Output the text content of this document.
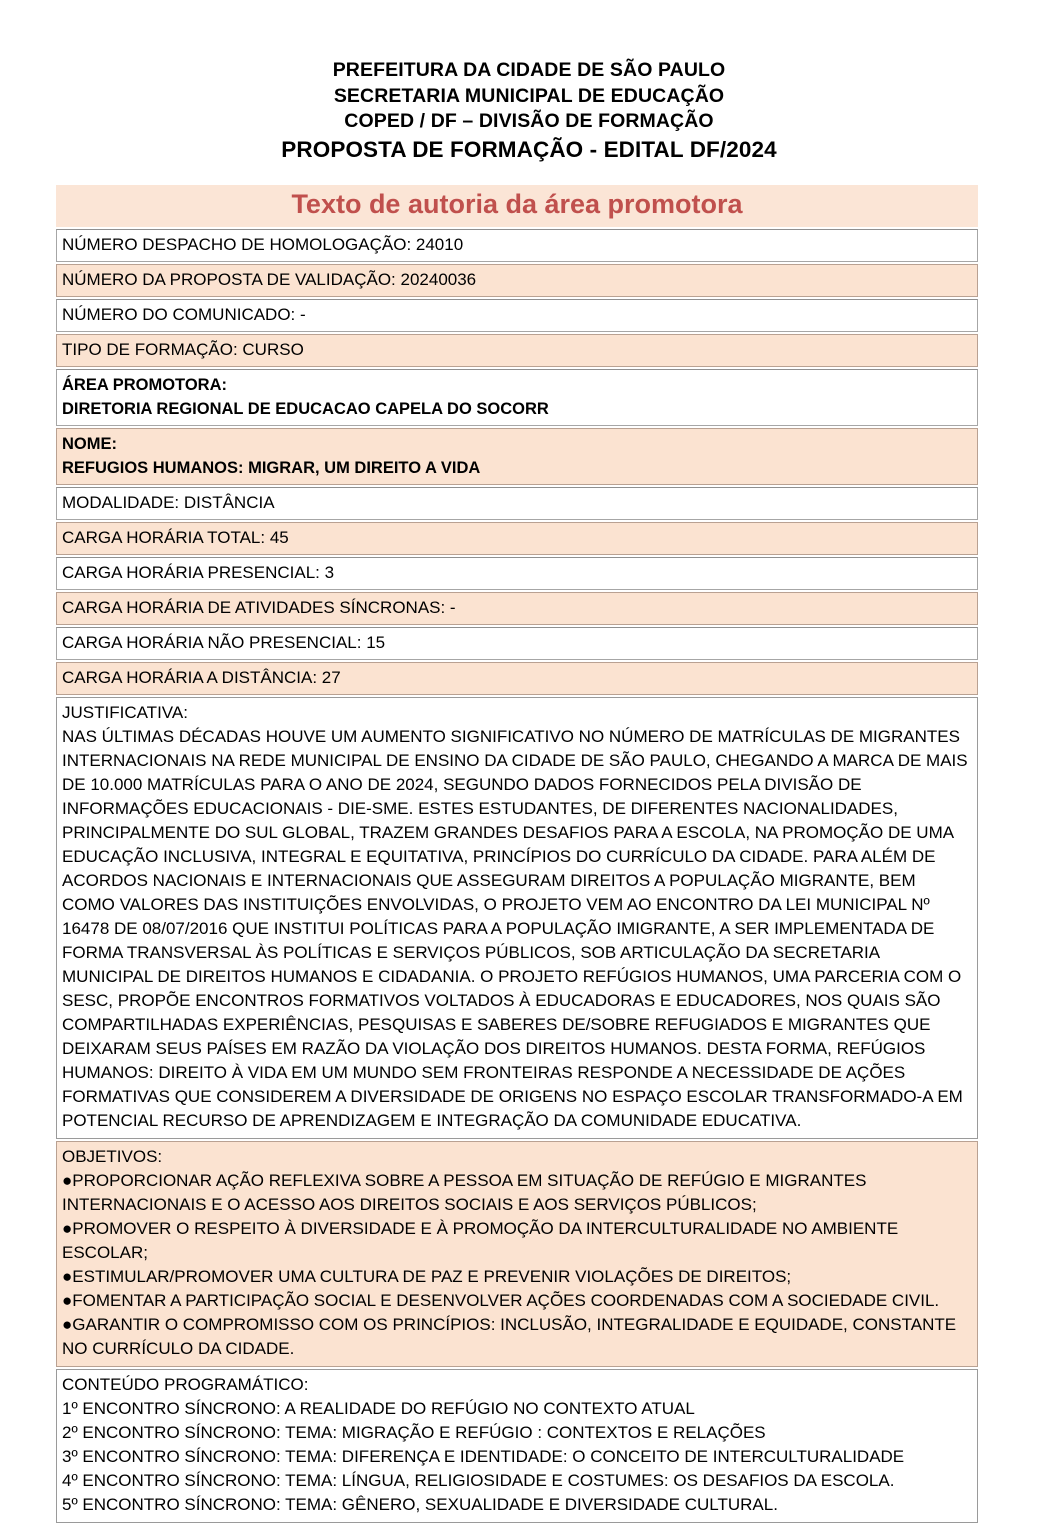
PREFEITURA DA CIDADE DE SÃO PAULO
SECRETARIA MUNICIPAL DE EDUCAÇÃO
COPED / DF – DIVISÃO DE FORMAÇÃO
PROPOSTA DE FORMAÇÃO - EDITAL DF/2024
Texto de autoria da área promotora
NÚMERO DESPACHO DE HOMOLOGAÇÃO: 24010
NÚMERO DA PROPOSTA DE VALIDAÇÃO: 20240036
NÚMERO DO COMUNICADO: -
TIPO DE FORMAÇÃO: CURSO
ÁREA PROMOTORA:
DIRETORIA REGIONAL DE EDUCACAO CAPELA DO SOCORR
NOME:
REFUGIOS HUMANOS: MIGRAR, UM DIREITO A VIDA
MODALIDADE: DISTÂNCIA
CARGA HORÁRIA TOTAL: 45
CARGA HORÁRIA PRESENCIAL: 3
CARGA HORÁRIA DE ATIVIDADES SÍNCRONAS: -
CARGA HORÁRIA NÃO PRESENCIAL: 15
CARGA HORÁRIA A DISTÂNCIA: 27
JUSTIFICATIVA:
NAS ÚLTIMAS DÉCADAS HOUVE UM AUMENTO SIGNIFICATIVO NO NÚMERO DE MATRÍCULAS DE MIGRANTES INTERNACIONAIS NA REDE MUNICIPAL DE ENSINO DA CIDADE DE SÃO PAULO, CHEGANDO A MARCA DE MAIS DE 10.000 MATRÍCULAS PARA O ANO DE 2024, SEGUNDO DADOS FORNECIDOS PELA DIVISÃO DE INFORMAÇÕES EDUCACIONAIS - DIE-SME. ESTES ESTUDANTES, DE DIFERENTES NACIONALIDADES, PRINCIPALMENTE DO SUL GLOBAL, TRAZEM GRANDES DESAFIOS PARA A ESCOLA, NA PROMOÇÃO DE UMA EDUCAÇÃO INCLUSIVA, INTEGRAL E EQUITATIVA, PRINCÍPIOS DO CURRÍCULO DA CIDADE. PARA ALÉM DE ACORDOS NACIONAIS E INTERNACIONAIS QUE ASSEGURAM DIREITOS A POPULAÇÃO MIGRANTE, BEM COMO VALORES DAS INSTITUIÇÕES ENVOLVIDAS, O PROJETO VEM AO ENCONTRO DA LEI MUNICIPAL Nº 16478 DE 08/07/2016 QUE INSTITUI POLÍTICAS PARA A POPULAÇÃO IMIGRANTE, A SER IMPLEMENTADA DE FORMA TRANSVERSAL ÀS POLÍTICAS E SERVIÇOS PÚBLICOS, SOB ARTICULAÇÃO DA SECRETARIA MUNICIPAL DE DIREITOS HUMANOS E CIDADANIA. O PROJETO REFÚGIOS HUMANOS, UMA PARCERIA COM O SESC, PROPÕE ENCONTROS FORMATIVOS VOLTADOS À EDUCADORAS E EDUCADORES, NOS QUAIS SÃO COMPARTILHADAS EXPERIÊNCIAS, PESQUISAS E SABERES DE/SOBRE REFUGIADOS E MIGRANTES QUE DEIXARAM SEUS PAÍSES EM RAZÃO DA VIOLAÇÃO DOS DIREITOS HUMANOS. DESTA FORMA, REFÚGIOS HUMANOS: DIREITO À VIDA EM UM MUNDO SEM FRONTEIRAS RESPONDE A NECESSIDADE DE AÇÕES FORMATIVAS QUE CONSIDEREM A DIVERSIDADE DE ORIGENS NO ESPAÇO ESCOLAR TRANSFORMADO-A EM POTENCIAL RECURSO DE APRENDIZAGEM E INTEGRAÇÃO DA COMUNIDADE EDUCATIVA.
OBJETIVOS:
●PROPORCIONAR AÇÃO REFLEXIVA SOBRE A PESSOA EM SITUAÇÃO DE REFÚGIO E MIGRANTES INTERNACIONAIS E O ACESSO AOS DIREITOS SOCIAIS E AOS SERVIÇOS PÚBLICOS;
●PROMOVER O RESPEITO À DIVERSIDADE E À PROMOÇÃO DA INTERCULTURALIDADE NO AMBIENTE ESCOLAR;
●ESTIMULAR/PROMOVER UMA CULTURA DE PAZ E PREVENIR VIOLAÇÕES DE DIREITOS;
●FOMENTAR A PARTICIPAÇÃO SOCIAL E DESENVOLVER AÇÕES COORDENADAS COM A SOCIEDADE CIVIL.
●GARANTIR O COMPROMISSO COM OS PRINCÍPIOS: INCLUSÃO, INTEGRALIDADE E EQUIDADE, CONSTANTE NO CURRÍCULO DA CIDADE.
CONTEÚDO PROGRAMÁTICO:
1º ENCONTRO SÍNCRONO: A REALIDADE DO REFÚGIO NO CONTEXTO ATUAL
2º ENCONTRO SÍNCRONO: TEMA: MIGRAÇÃO E REFÚGIO : CONTEXTOS E RELAÇÕES
3º ENCONTRO SÍNCRONO: TEMA: DIFERENÇA E IDENTIDADE: O CONCEITO DE INTERCULTURALIDADE
4º ENCONTRO SÍNCRONO: TEMA: LÍNGUA, RELIGIOSIDADE E COSTUMES: OS DESAFIOS DA ESCOLA.
5º ENCONTRO SÍNCRONO: TEMA: GÊNERO, SEXUALIDADE E DIVERSIDADE CULTURAL.
